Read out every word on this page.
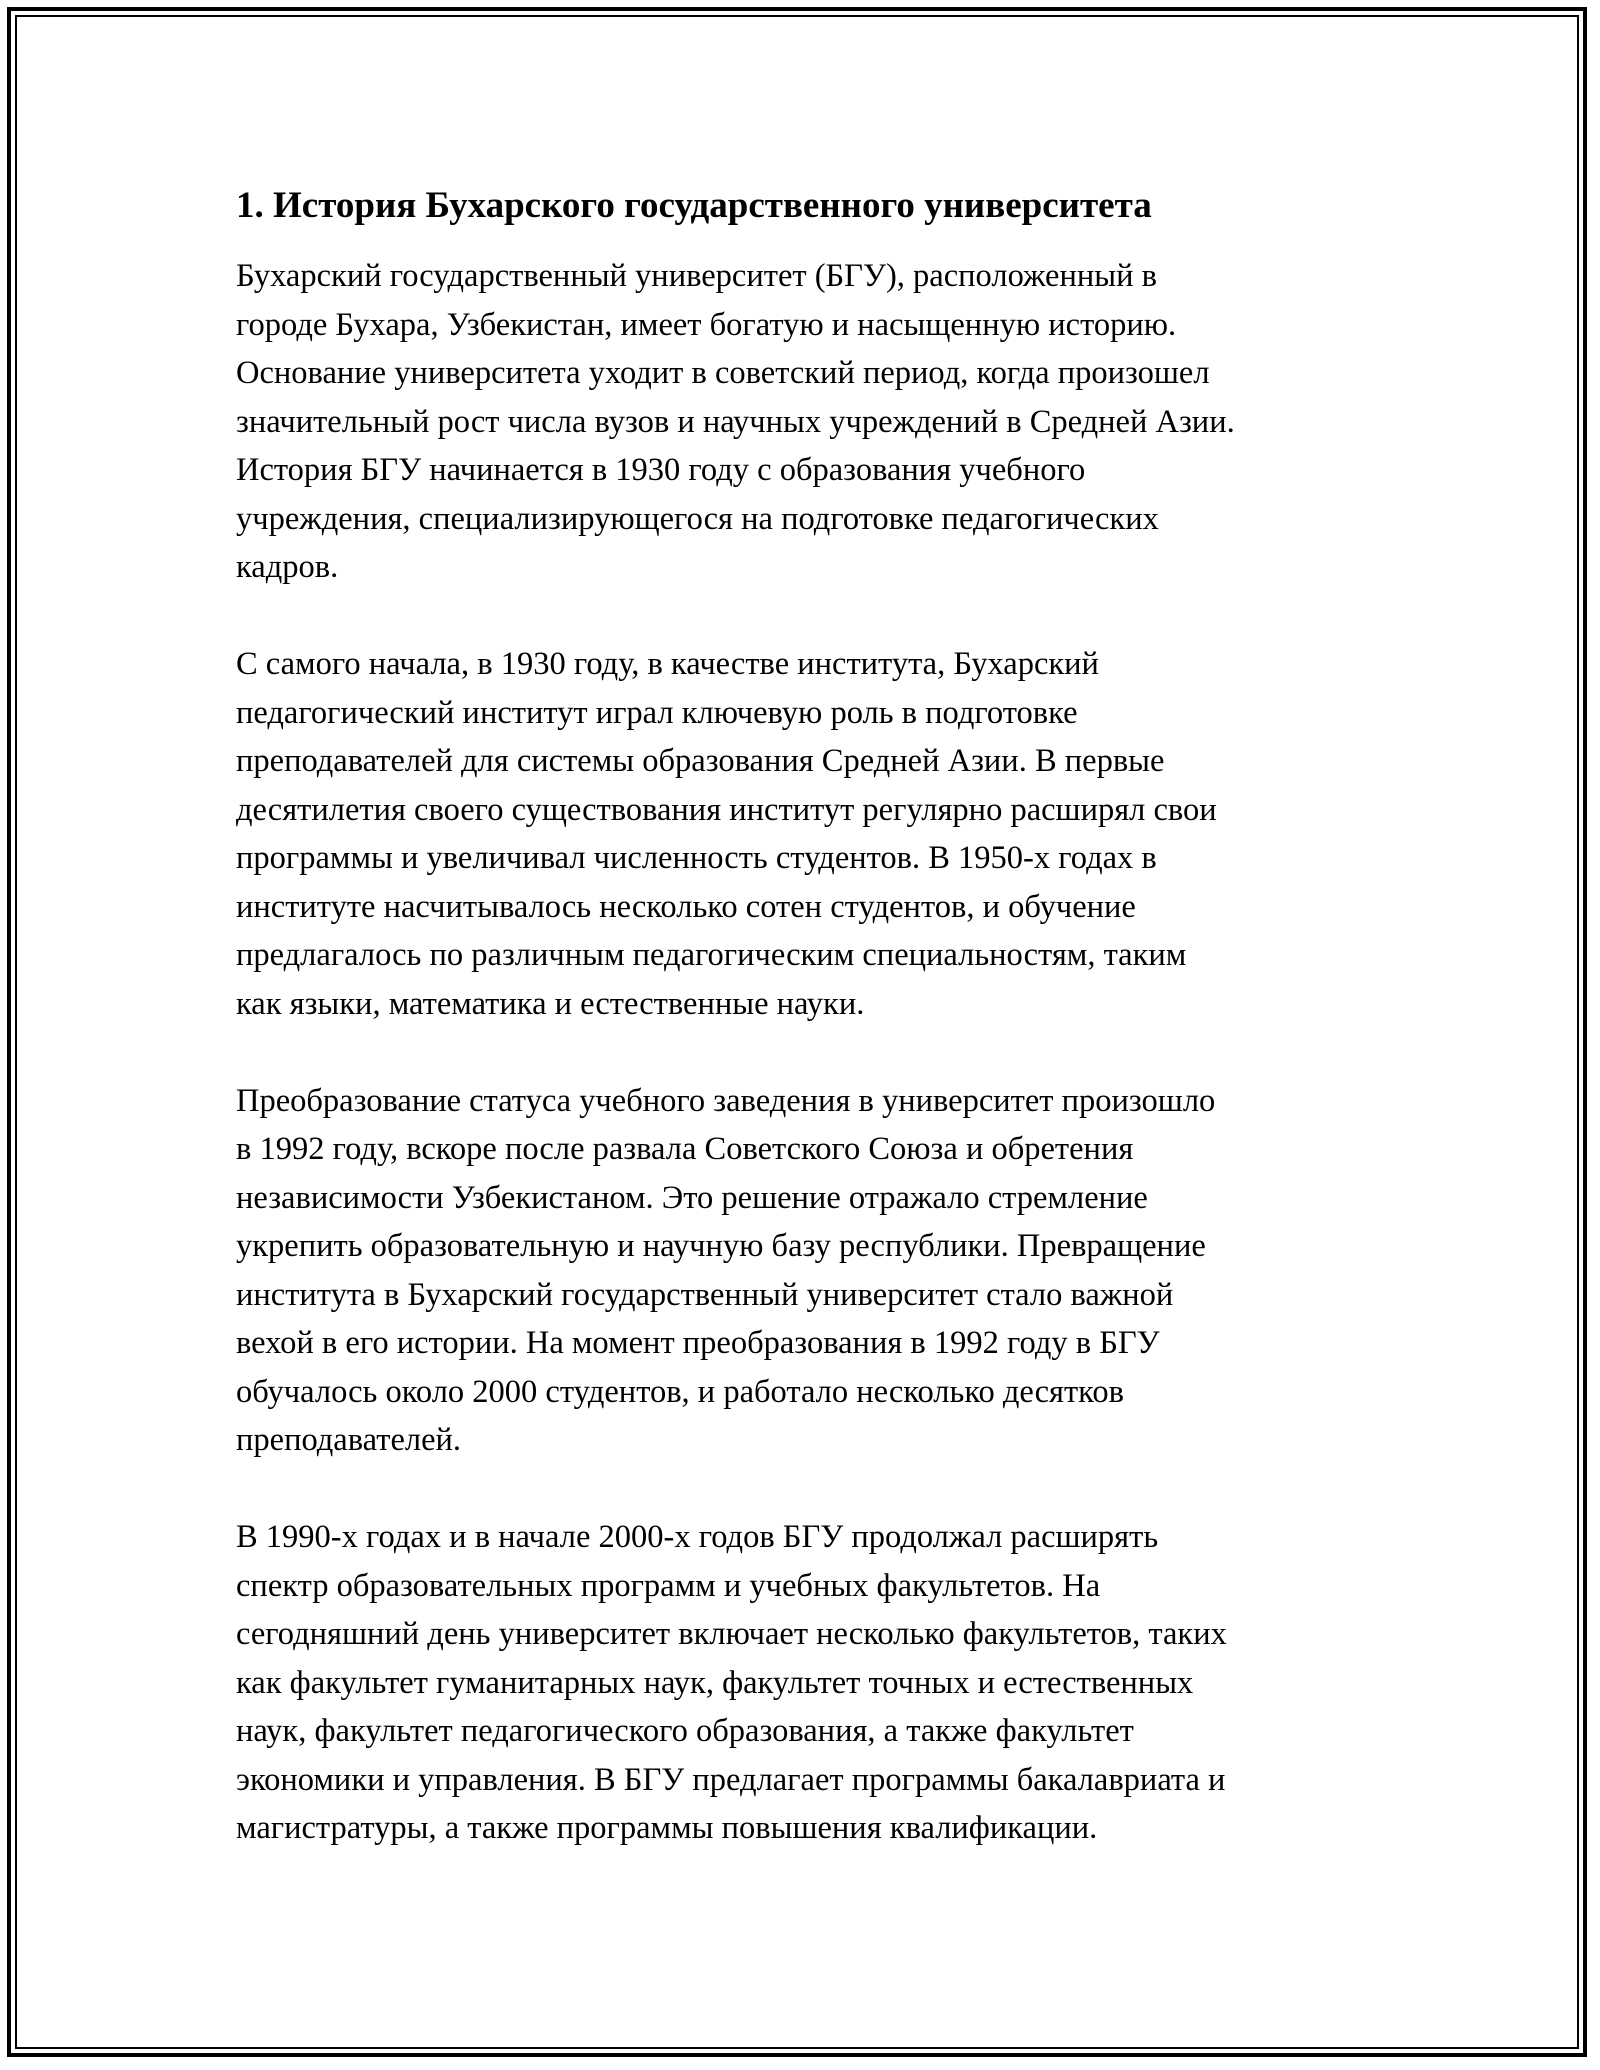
1. История Бухарского государственного университета

Бухарский государственный университет (БГУ), расположенный в
городе Бухара, Узбекистан, имеет богатую и насыщенную историю.
Основание университета уходит в советский период, когда произошел
значительный рост числа вузов и научных учреждений в Средней Азии.
История БГУ начинается в 1930 году с образования учебного
учреждения, специализирующегося на подготовке педагогических
кадров.

С самого начала, в 1930 году, в качестве института, Бухарский
педагогический институт играл ключевую роль в подготовке
преподавателей для системы образования Средней Азии. В первые
десятилетия своего существования институт регулярно расширял свои
программы и увеличивал численность студентов. В 1950-х годах в
институте насчитывалось несколько сотен студентов, и обучение
предлагалось по различным педагогическим специальностям, таким
как языки, математика и естественные науки.

Преобразование статуса учебного заведения в университет произошло
в 1992 году, вскоре после развала Советского Союза и обретения
независимости Узбекистаном. Это решение отражало стремление
укрепить образовательную и научную базу республики. Превращение
института в Бухарский государственный университет стало важной
вехой в его истории. На момент преобразования в 1992 году в БГУ
обучалось около 2000 студентов, и работало несколько десятков
преподавателей.

В 1990-х годах и в начале 2000-х годов БГУ продолжал расширять
спектр образовательных программ и учебных факультетов. На
сегодняшний день университет включает несколько факультетов, таких
как факультет гуманитарных наук, факультет точных и естественных
наук, факультет педагогического образования, а также факультет
экономики и управления. В БГУ предлагает программы бакалавриата и
магистратуры, а также программы повышения квалификации.
